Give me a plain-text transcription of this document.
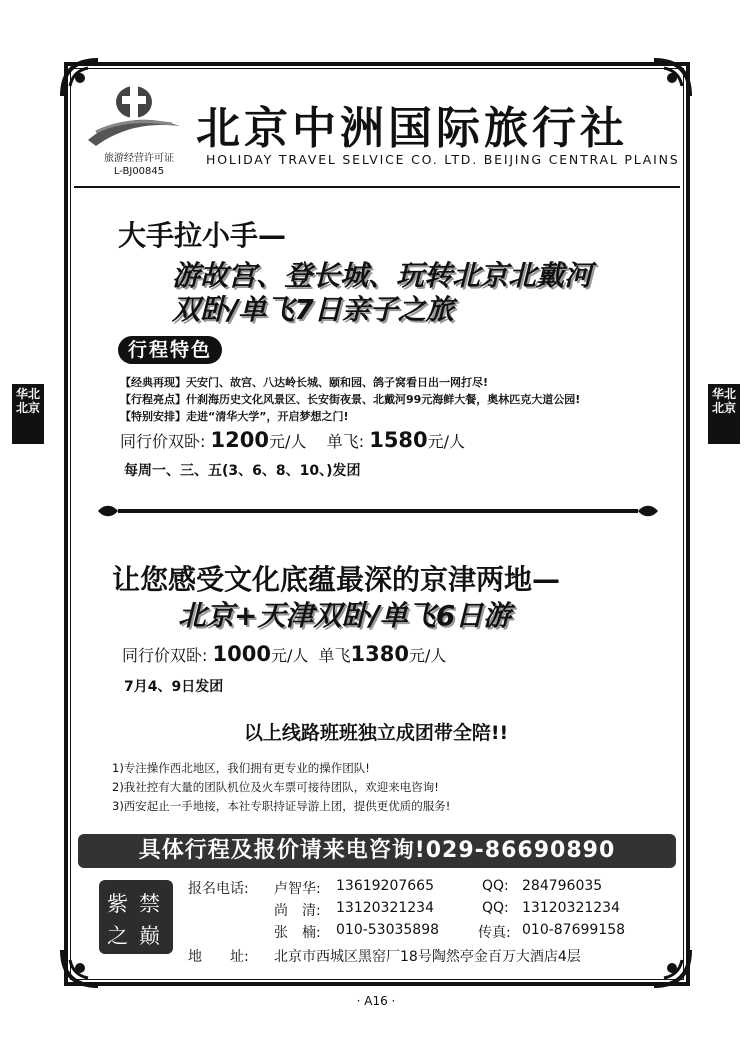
华北北京
华北北京
旅游经营许可证
L-BJ00845
北京中洲国际旅行社
HOLIDAY TRAVEL SELVICE CO. LTD. BEIJING CENTRAL PLAINS
大手拉小手—
游故宫、登长城、玩转北京北戴河
双卧/单飞7日亲子之旅
行程特色
【经典再现】天安门、故宫、八达岭长城、颐和园、鸽子窝看日出一网打尽!
【行程亮点】什刹海历史文化风景区、长安街夜景、北戴河99元海鲜大餐，奥林匹克大道公园!
【特别安排】走进“清华大学”，开启梦想之门!
同行价双卧: 1200元/人 单飞: 1580元/人
每周一、三、五(3、6、8、10、)发团
让您感受文化底蕴最深的京津两地—
北京+天津双卧/单飞6日游
同行价双卧: 1000元/人 单飞1380元/人
7月4、9日发团
以上线路班班独立成团带全陪!!
1)专注操作西北地区，我们拥有更专业的操作团队!
2)我社控有大量的团队机位及火车票可接待团队，欢迎来电咨询!
3)西安起止一手地接，本社专职持证导游上团，提供更优质的服务!
具体行程及报价请来电咨询!029-86690890
紫 禁
之 巅
报名电话: 卢智华: 13619207665	QQ: 284796035
尚　清: 13120321234	QQ: 13120321234
张　楠: 010-53035898	传真: 010-87699158
地　　址: 北京市西城区黑窑厂18号陶然亭金百万大酒店4层
· A16 ·
